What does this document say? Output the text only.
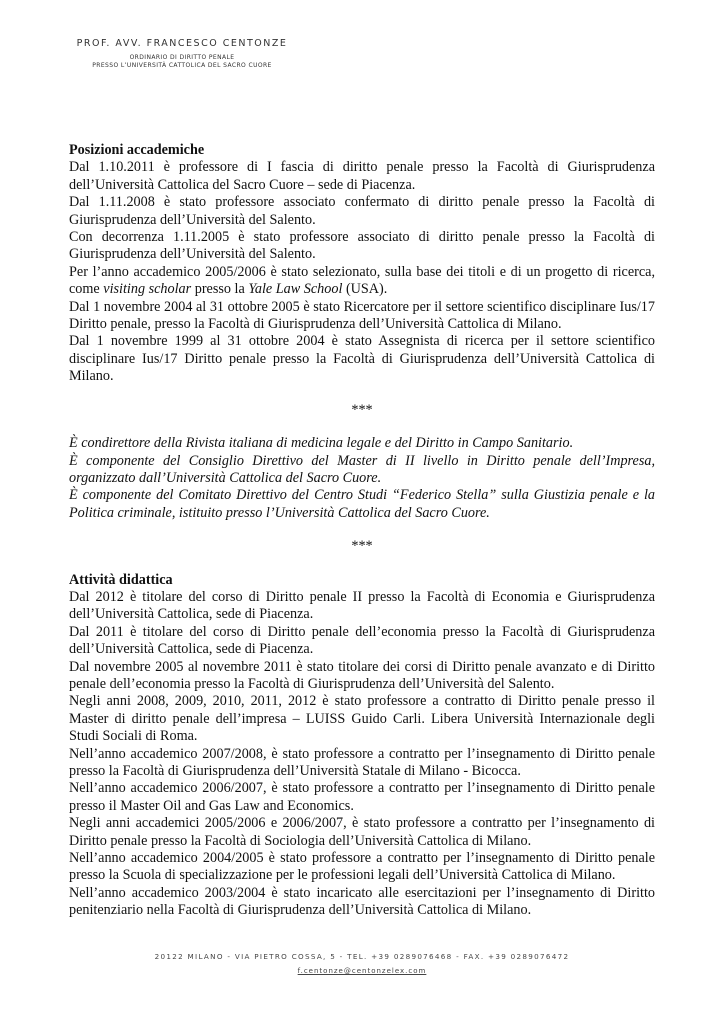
PROF. AVV. FRANCESCO CENTONZE
ORDINARIO DI DIRITTO PENALE
PRESSO L’UNIVERSITÀ CATTOLICA DEL SACRO CUORE
Posizioni accademiche
Dal 1.10.2011 è professore di I fascia di diritto penale presso la Facoltà di Giurisprudenza dell’Università Cattolica del Sacro Cuore – sede di Piacenza.
Dal 1.11.2008 è stato professore associato confermato di diritto penale presso la Facoltà di Giurisprudenza dell’Università del Salento.
Con decorrenza 1.11.2005 è stato professore associato di diritto penale presso la Facoltà di Giurisprudenza dell’Università del Salento.
Per l’anno accademico 2005/2006 è stato selezionato, sulla base dei titoli e di un progetto di ricerca, come visiting scholar presso la Yale Law School (USA).
Dal 1 novembre 2004 al 31 ottobre 2005 è stato Ricercatore per il settore scientifico disciplinare Ius/17 Diritto penale, presso la Facoltà di Giurisprudenza dell’Università Cattolica di Milano.
Dal 1 novembre 1999 al 31 ottobre 2004 è stato Assegnista di ricerca per il settore scientifico disciplinare Ius/17 Diritto penale presso la Facoltà di Giurisprudenza dell’Università Cattolica di Milano.
***
È condirettore della Rivista italiana di medicina legale e del Diritto in Campo Sanitario.
È componente del Consiglio Direttivo del Master di II livello in Diritto penale dell’Impresa, organizzato dall’Università Cattolica del Sacro Cuore.
È componente del Comitato Direttivo del Centro Studi “Federico Stella” sulla Giustizia penale e la Politica criminale, istituito presso l’Università Cattolica del Sacro Cuore.
***
Attività didattica
Dal 2012 è titolare del corso di Diritto penale II presso la Facoltà di Economia e Giurisprudenza dell’Università Cattolica, sede di Piacenza.
Dal 2011 è titolare del corso di Diritto penale dell’economia presso la Facoltà di Giurisprudenza dell’Università Cattolica, sede di Piacenza.
Dal novembre 2005 al novembre 2011 è stato titolare dei corsi di Diritto penale avanzato e di Diritto penale dell’economia presso la Facoltà di Giurisprudenza dell’Università del Salento.
Negli anni 2008, 2009, 2010, 2011, 2012 è stato professore a contratto di Diritto penale presso il Master di diritto penale dell’impresa – LUISS Guido Carli. Libera Università Internazionale degli Studi Sociali di Roma.
Nell’anno accademico 2007/2008, è stato professore a contratto per l’insegnamento di Diritto penale presso la Facoltà di Giurisprudenza dell’Università Statale di Milano - Bicocca.
Nell’anno accademico 2006/2007, è stato professore a contratto per l’insegnamento di Diritto penale presso il Master Oil and Gas Law and Economics.
Negli anni accademici 2005/2006 e 2006/2007, è stato professore a contratto per l’insegnamento di Diritto penale presso la Facoltà di Sociologia dell’Università Cattolica di Milano.
Nell’anno accademico 2004/2005 è stato professore a contratto per l’insegnamento di Diritto penale presso la Scuola di specializzazione per le professioni legali dell’Università Cattolica di Milano.
Nell’anno accademico 2003/2004 è stato incaricato alle esercitazioni per l’insegnamento di Diritto penitenziario nella Facoltà di Giurisprudenza dell’Università Cattolica di Milano.
20122 MILANO - VIA PIETRO COSSA, 5 - TEL. +39 0289076468 - FAX. +39 0289076472
f.centonze@centonzelex.com
